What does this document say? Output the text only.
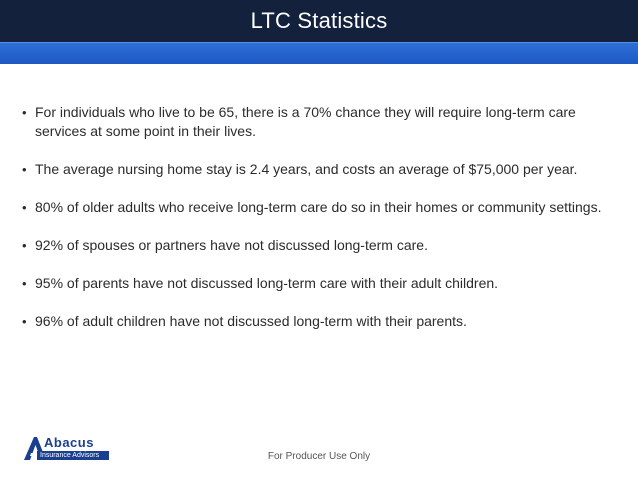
LTC Statistics
• For individuals who live to be 65, there is a 70% chance they will require long-term care services at some point in their lives.
• The average nursing home stay is 2.4 years, and costs an average of $75,000 per year.
• 80% of older adults who receive long-term care do so in their homes or community settings.
• 92% of spouses or partners have not discussed long-term care.
• 95% of parents have not discussed long-term care with their adult children.
• 96% of adult children have not discussed long-term with their parents.
Abacus
Insurance Advisors	For Producer Use Only
